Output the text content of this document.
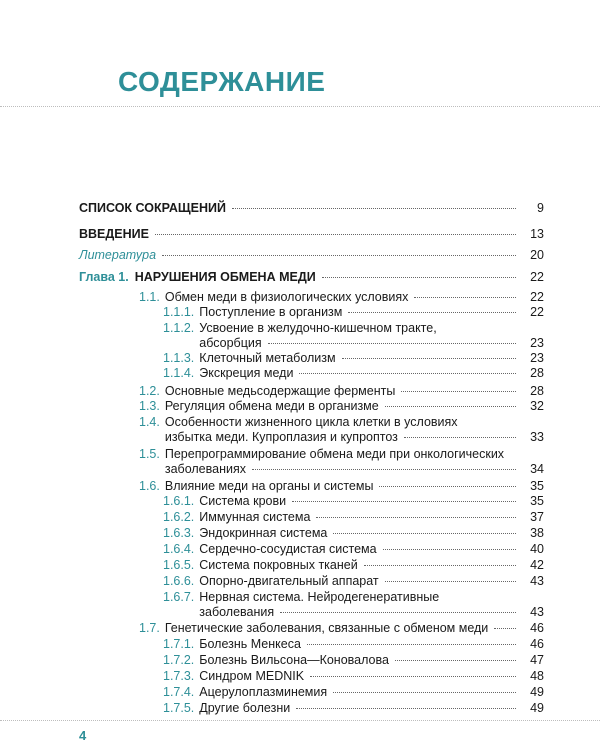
СОДЕРЖАНИЕ
СПИСОК СОКРАЩЕНИЙ	9
ВВЕДЕНИЕ	13
Литература	20
Глава 1. НАРУШЕНИЯ ОБМЕНА МЕДИ	22
1.1. Обмен меди в физиологических условиях	22
1.1.1. Поступление в организм	22
1.1.2. Усвоение в желудочно-кишечном тракте,
абсорбция	23
1.1.3. Клеточный метаболизм	23
1.1.4. Экскреция меди	28
1.2. Основные медьсодержащие ферменты	28
1.3. Регуляция обмена меди в организме	32
1.4. Особенности жизненного цикла клетки в условиях
избытка меди. Купроплазия и купроптоз	33
1.5. Перепрограммирование обмена меди при онкологических
заболеваниях	34
1.6. Влияние меди на органы и системы	35
1.6.1. Система крови	35
1.6.2. Иммунная система	37
1.6.3. Эндокринная система	38
1.6.4. Сердечно-сосудистая система	40
1.6.5. Система покровных тканей	42
1.6.6. Опорно-двигательный аппарат	43
1.6.7. Нервная система. Нейродегенеративные
заболевания	43
1.7. Генетические заболевания, связанные с обменом меди	46
1.7.1. Болезнь Менкеса	46
1.7.2. Болезнь Вильсона—Коновалова	47
1.7.3. Синдром MEDNIK	48
1.7.4. Ацерулоплазминемия	49
1.7.5. Другие болезни	49
4
